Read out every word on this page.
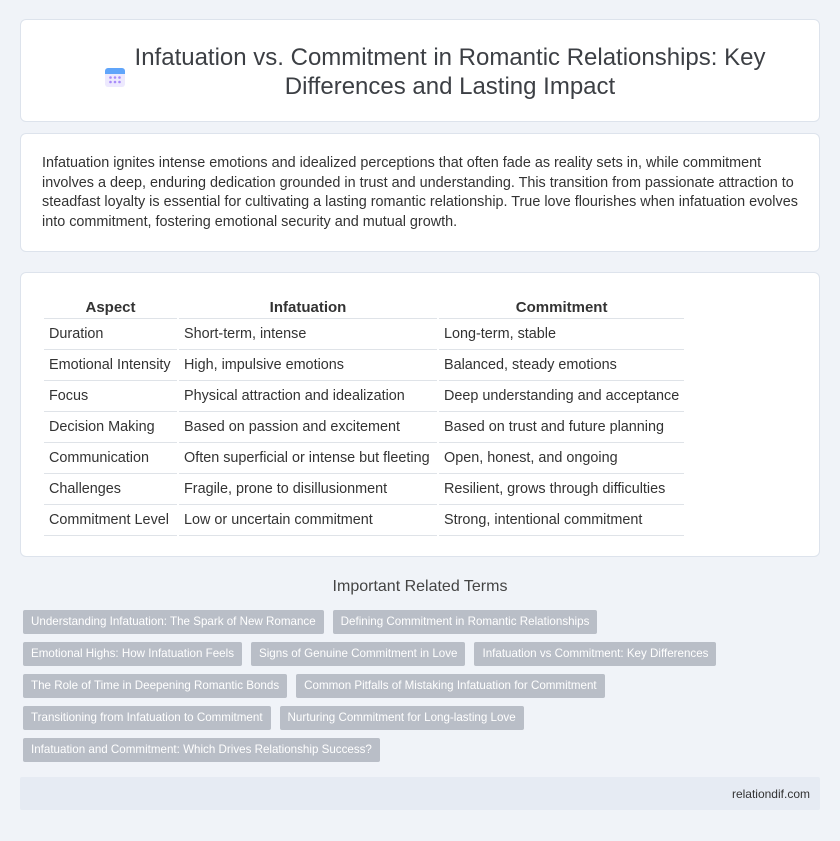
Infatuation vs. Commitment in Romantic Relationships: Key Differences and Lasting Impact

Infatuation ignites intense emotions and idealized perceptions that often fade as reality sets in, while commitment involves a deep, enduring dedication grounded in trust and understanding. This transition from passionate attraction to steadfast loyalty is essential for cultivating a lasting romantic relationship. True love flourishes when infatuation evolves into commitment, fostering emotional security and mutual growth.

Aspect	Infatuation	Commitment
Duration	Short-term, intense	Long-term, stable
Emotional Intensity	High, impulsive emotions	Balanced, steady emotions
Focus	Physical attraction and idealization	Deep understanding and acceptance
Decision Making	Based on passion and excitement	Based on trust and future planning
Communication	Often superficial or intense but fleeting	Open, honest, and ongoing
Challenges	Fragile, prone to disillusionment	Resilient, grows through difficulties
Commitment Level	Low or uncertain commitment	Strong, intentional commitment
Important Related Terms
Understanding Infatuation: The Spark of New Romance	Defining Commitment in Romantic Relationships
Emotional Highs: How Infatuation Feels	Signs of Genuine Commitment in Love	Infatuation vs Commitment: Key Differences
The Role of Time in Deepening Romantic Bonds	Common Pitfalls of Mistaking Infatuation for Commitment
Transitioning from Infatuation to Commitment	Nurturing Commitment for Long-lasting Love
Infatuation and Commitment: Which Drives Relationship Success?
relationdif.com
